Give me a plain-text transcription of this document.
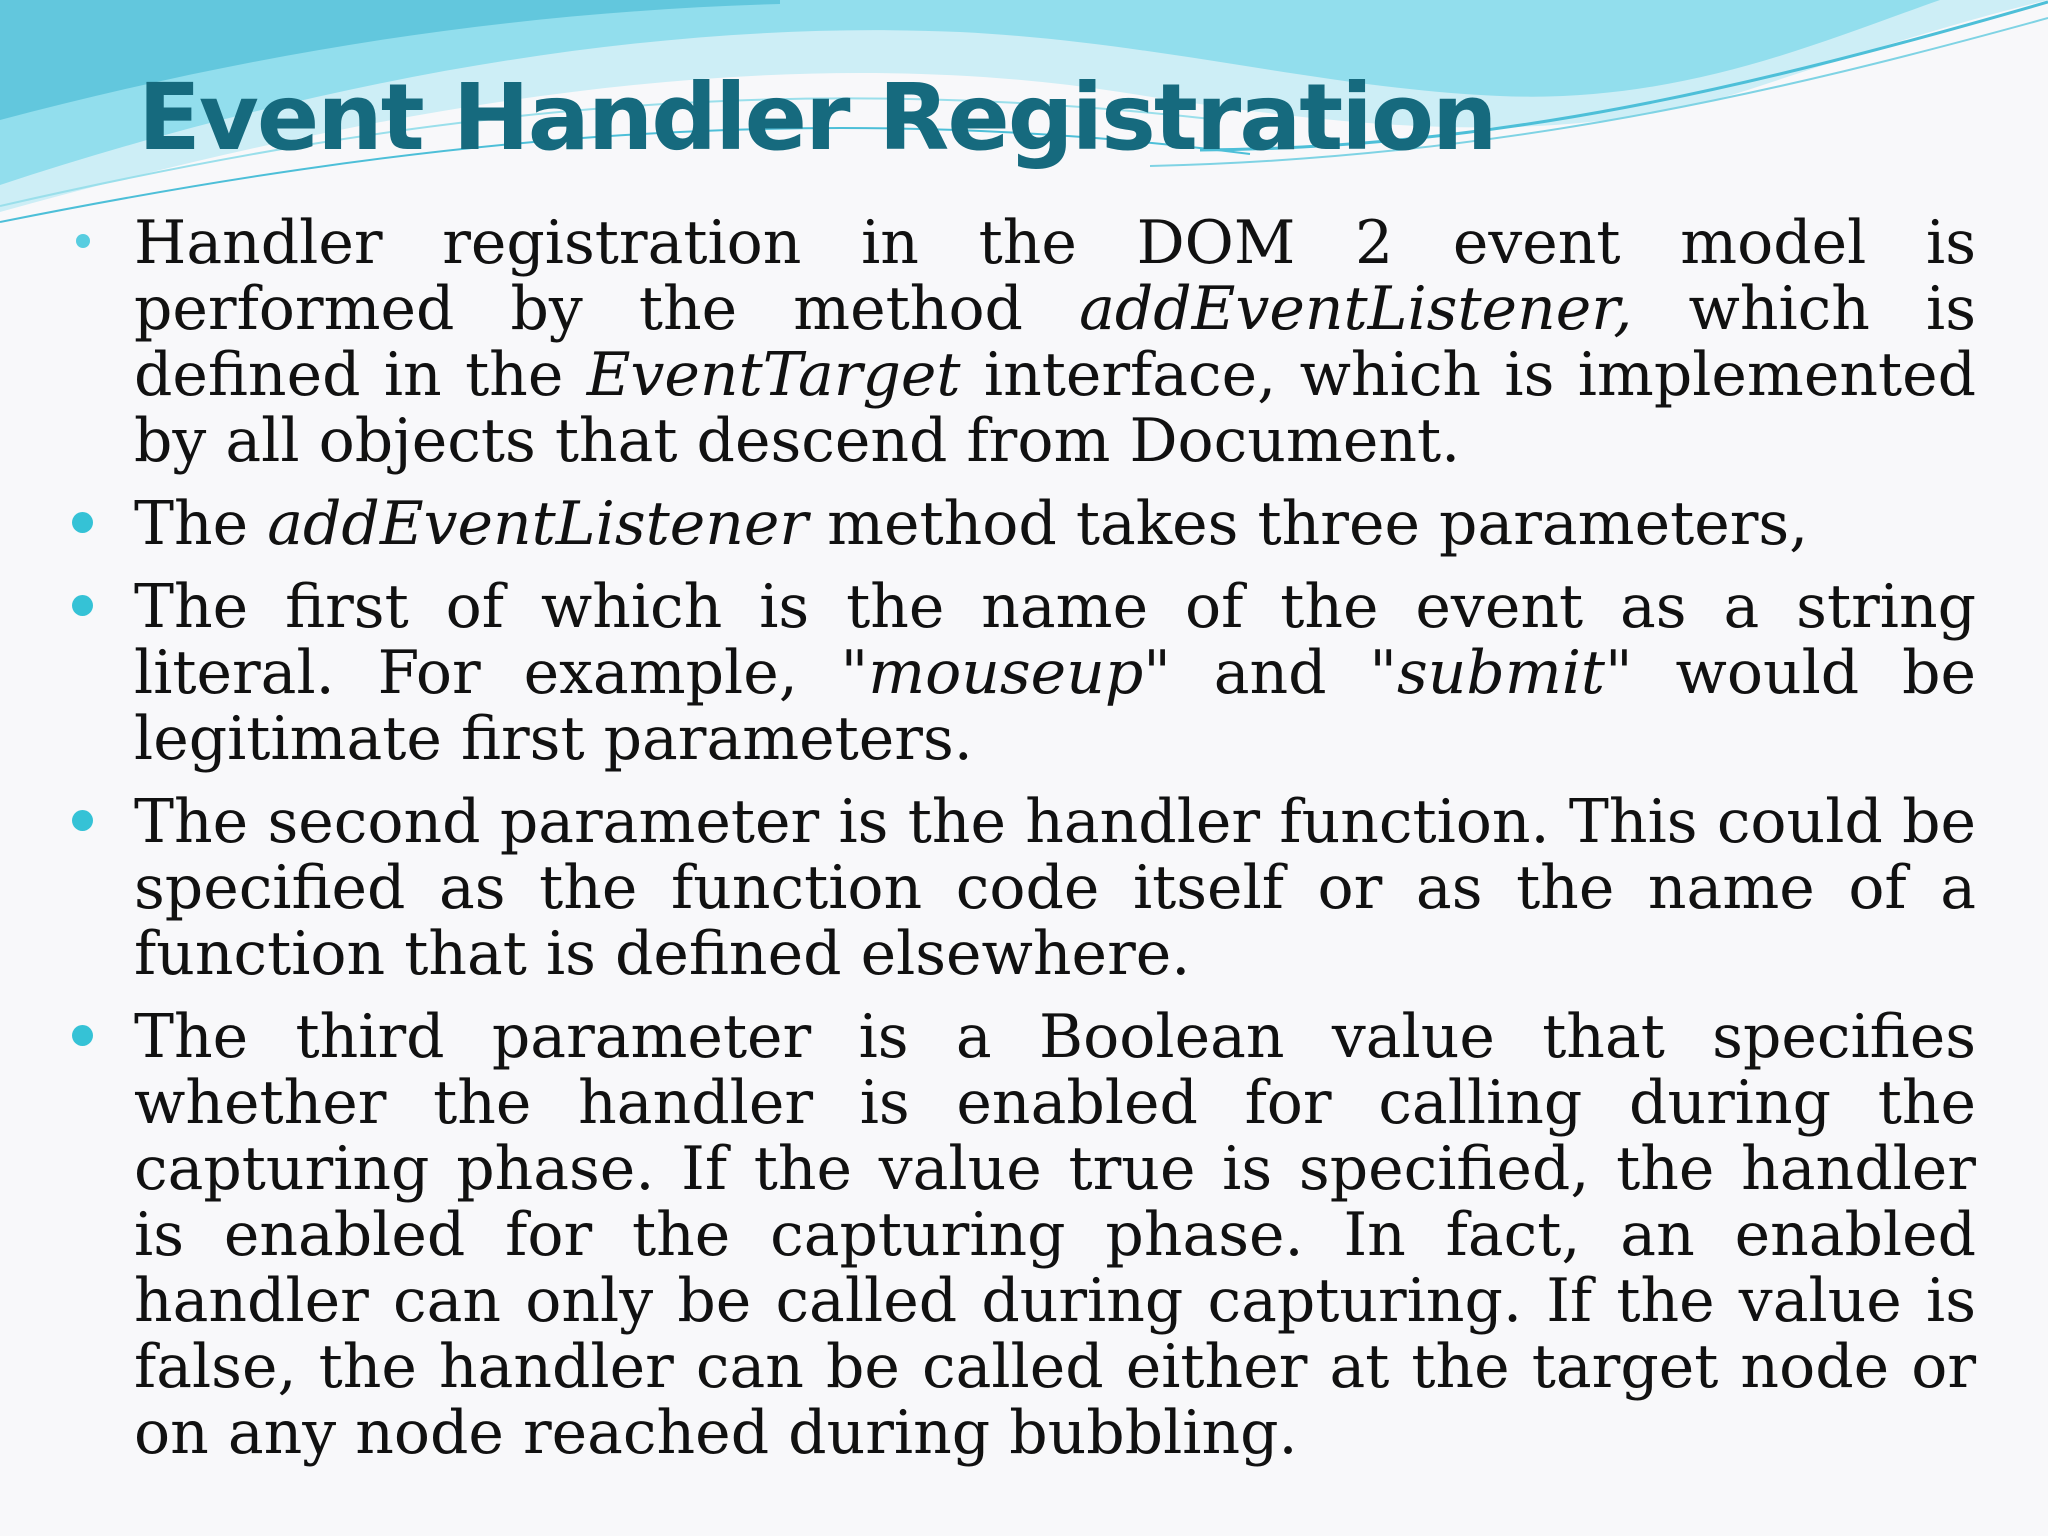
Event Handler Registration
Handler registration in the DOM 2 event model is performed by the method addEventListener, which is defined in the EventTarget interface, which is implemented by all objects that descend from Document.
The addEventListener method takes three parameters,
The first of which is the name of the event as a string literal. For example, "mouseup" and "submit" would be legitimate first parameters.
The second parameter is the handler function. This could be specified as the function code itself or as the name of a function that is defined elsewhere.
The third parameter is a Boolean value that specifies whether the handler is enabled for calling during the capturing phase. If the value true is specified, the handler is enabled for the capturing phase. In fact, an enabled handler can only be called during capturing. If the value is false, the handler can be called either at the target node or on any node reached during bubbling.
